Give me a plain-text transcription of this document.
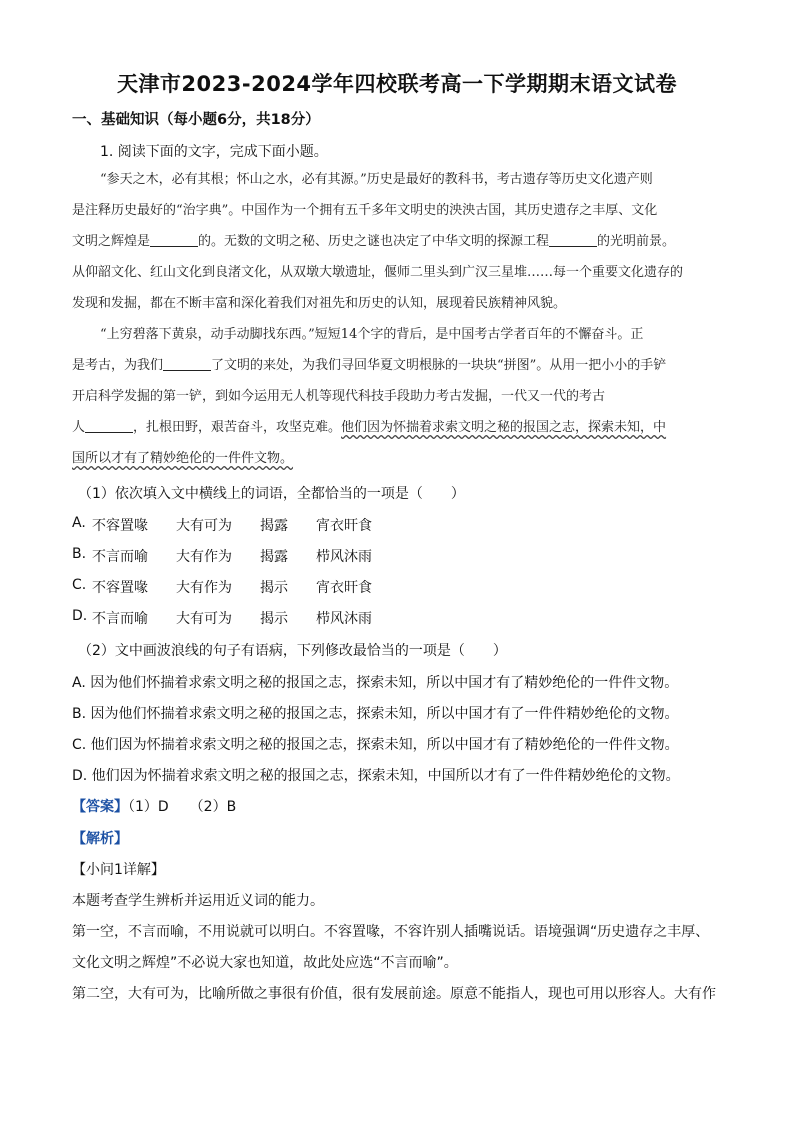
天津市2023-2024学年四校联考高一下学期期末语文试卷
一、基础知识（每小题6分，共18分）
1. 阅读下面的文字，完成下面小题。
“参天之木，必有其根；怀山之水，必有其源。”历史是最好的教科书，考古遗存等历史文化遗产则
是注释历史最好的“治字典”。中国作为一个拥有五千多年文明史的泱泱古国，其历史遗存之丰厚、文化
文明之辉煌是	的。无数的文明之秘、历史之谜也决定了中华文明的探源工程	的光明前景。
从仰韶文化、红山文化到良渚文化，从双墩大墩遗址，偃师二里头到广汉三星堆……每一个重要文化遗存的
发现和发掘，都在不断丰富和深化着我们对祖先和历史的认知，展现着民族精神风貌。
“上穷碧落下黄泉，动手动脚找东西。”短短14个字的背后，是中国考古学者百年的不懈奋斗。正
是考古，为我们	了文明的来处，为我们寻回华夏文明根脉的一块块“拼图”。从用一把小小的手铲
开启科学发掘的第一铲，到如今运用无人机等现代科技手段助力考古发掘，一代又一代的考古
人	，扎根田野，艰苦奋斗，攻坚克难。他们因为怀揣着求索文明之秘的报国之志，探索未知，中
国所以才有了精妙绝伦的一件件文物。
（1）依次填入文中横线上的词语，全都恰当的一项是（　　）
A. 不容置喙 大有可为 揭露 宵衣旰食
B. 不言而喻 大有作为 揭露 栉风沐雨
C. 不容置喙 大有作为 揭示 宵衣旰食
D. 不言而喻 大有可为 揭示 栉风沐雨
（2）文中画波浪线的句子有语病，下列修改最恰当的一项是（　　）
A. 因为他们怀揣着求索文明之秘的报国之志，探索未知，所以中国才有了精妙绝伦的一件件文物。
B. 因为他们怀揣着求索文明之秘的报国之志，探索未知，所以中国才有了一件件精妙绝伦的文物。
C. 他们因为怀揣着求索文明之秘的报国之志，探索未知，所以中国才有了精妙绝伦的一件件文物。
D. 他们因为怀揣着求索文明之秘的报国之志，探索未知，中国所以才有了一件件精妙绝伦的文物。
【答案】（1）D　　（2）B
【解析】
【小问1详解】
本题考查学生辨析并运用近义词的能力。
第一空，不言而喻，不用说就可以明白。不容置喙，不容许别人插嘴说话。语境强调“历史遗存之丰厚、
文化文明之辉煌”不必说大家也知道，故此处应选“不言而喻”。
第二空，大有可为，比喻所做之事很有价值，很有发展前途。原意不能指人，现也可用以形容人。大有作
